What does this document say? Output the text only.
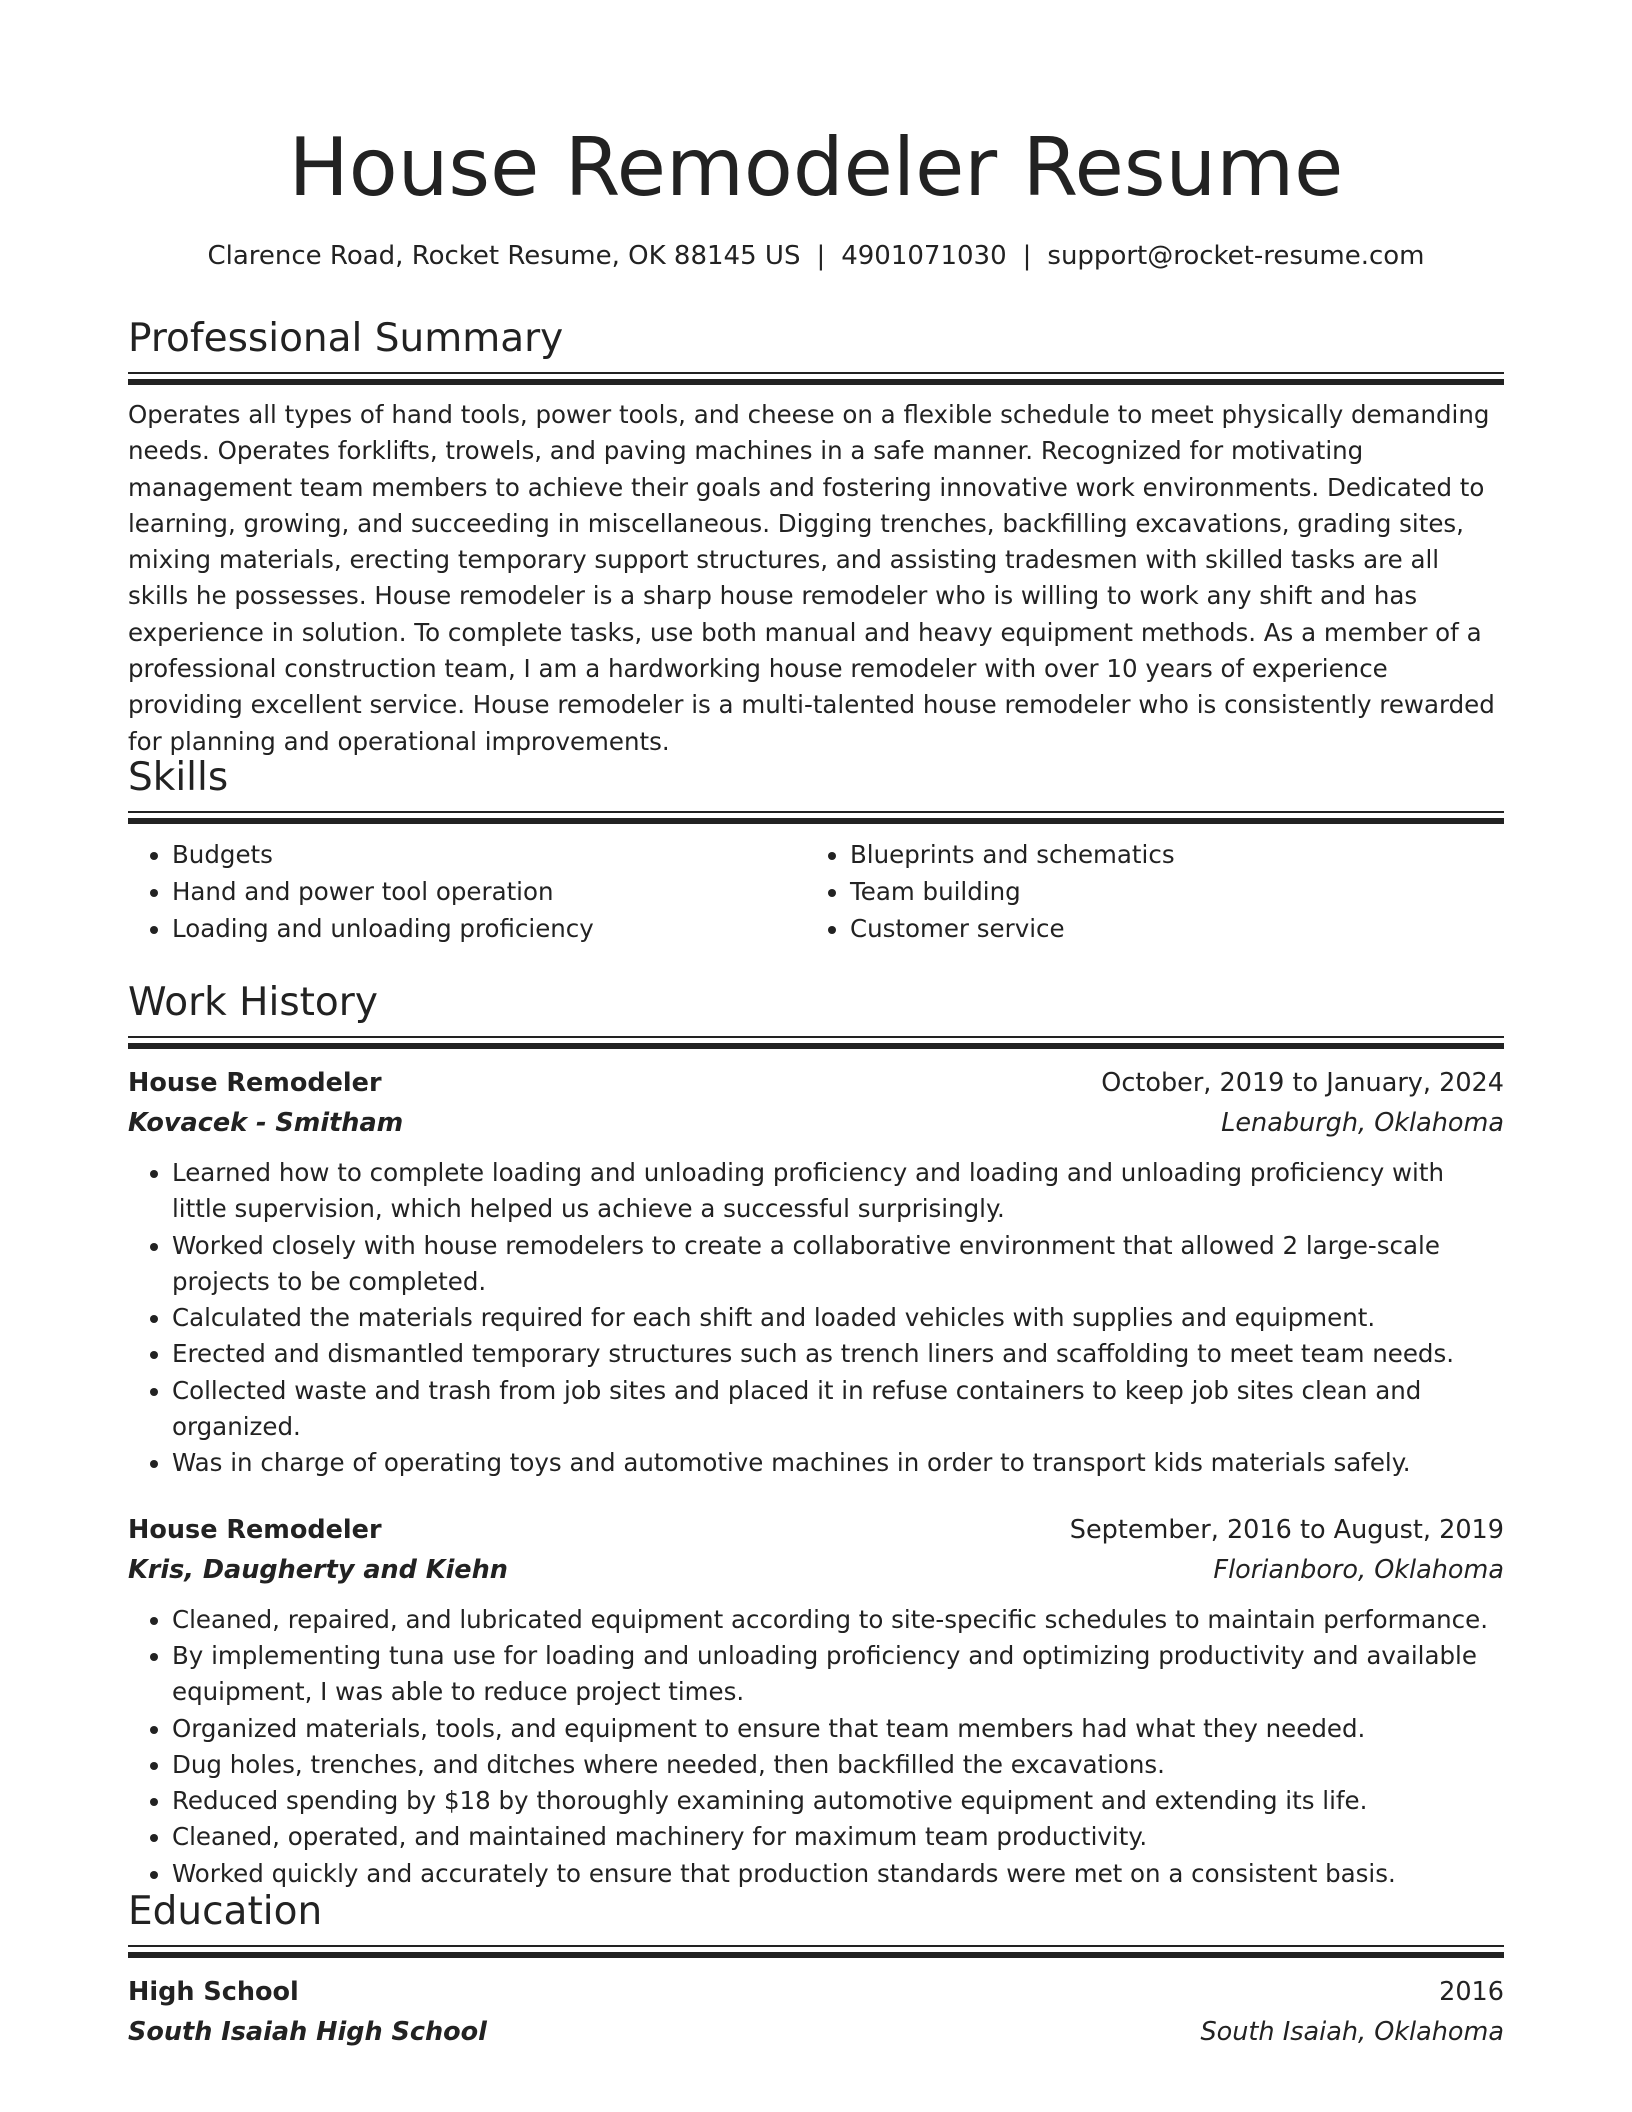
House Remodeler Resume
Clarence Road, Rocket Resume, OK 88145 US | 4901071030 | support@rocket-resume.com
Professional Summary
Operates all types of hand tools, power tools, and cheese on a flexible schedule to meet physically demanding needs. Operates forklifts, trowels, and paving machines in a safe manner. Recognized for motivating management team members to achieve their goals and fostering innovative work environments. Dedicated to learning, growing, and succeeding in miscellaneous. Digging trenches, backfilling excavations, grading sites, mixing materials, erecting temporary support structures, and assisting tradesmen with skilled tasks are all skills he possesses. House remodeler is a sharp house remodeler who is willing to work any shift and has experience in solution. To complete tasks, use both manual and heavy equipment methods. As a member of a professional construction team, I am a hardworking house remodeler with over 10 years of experience providing excellent service. House remodeler is a multi-talented house remodeler who is consistently rewarded for planning and operational improvements.
Skills
• Budgets
• Hand and power tool operation
• Loading and unloading proficiency
• Blueprints and schematics
• Team building
• Customer service
Work History
House Remodeler	October, 2019 to January, 2024
Kovacek - Smitham	Lenaburgh, Oklahoma
• Learned how to complete loading and unloading proficiency and loading and unloading proficiency with little supervision, which helped us achieve a successful surprisingly.
• Worked closely with house remodelers to create a collaborative environment that allowed 2 large-scale projects to be completed.
• Calculated the materials required for each shift and loaded vehicles with supplies and equipment.
• Erected and dismantled temporary structures such as trench liners and scaffolding to meet team needs.
• Collected waste and trash from job sites and placed it in refuse containers to keep job sites clean and organized.
• Was in charge of operating toys and automotive machines in order to transport kids materials safely.
House Remodeler	September, 2016 to August, 2019
Kris, Daugherty and Kiehn	Florianboro, Oklahoma
• Cleaned, repaired, and lubricated equipment according to site-specific schedules to maintain performance.
• By implementing tuna use for loading and unloading proficiency and optimizing productivity and available equipment, I was able to reduce project times.
• Organized materials, tools, and equipment to ensure that team members had what they needed.
• Dug holes, trenches, and ditches where needed, then backfilled the excavations.
• Reduced spending by $18 by thoroughly examining automotive equipment and extending its life.
• Cleaned, operated, and maintained machinery for maximum team productivity.
• Worked quickly and accurately to ensure that production standards were met on a consistent basis.
Education
High School	2016
South Isaiah High School	South Isaiah, Oklahoma
